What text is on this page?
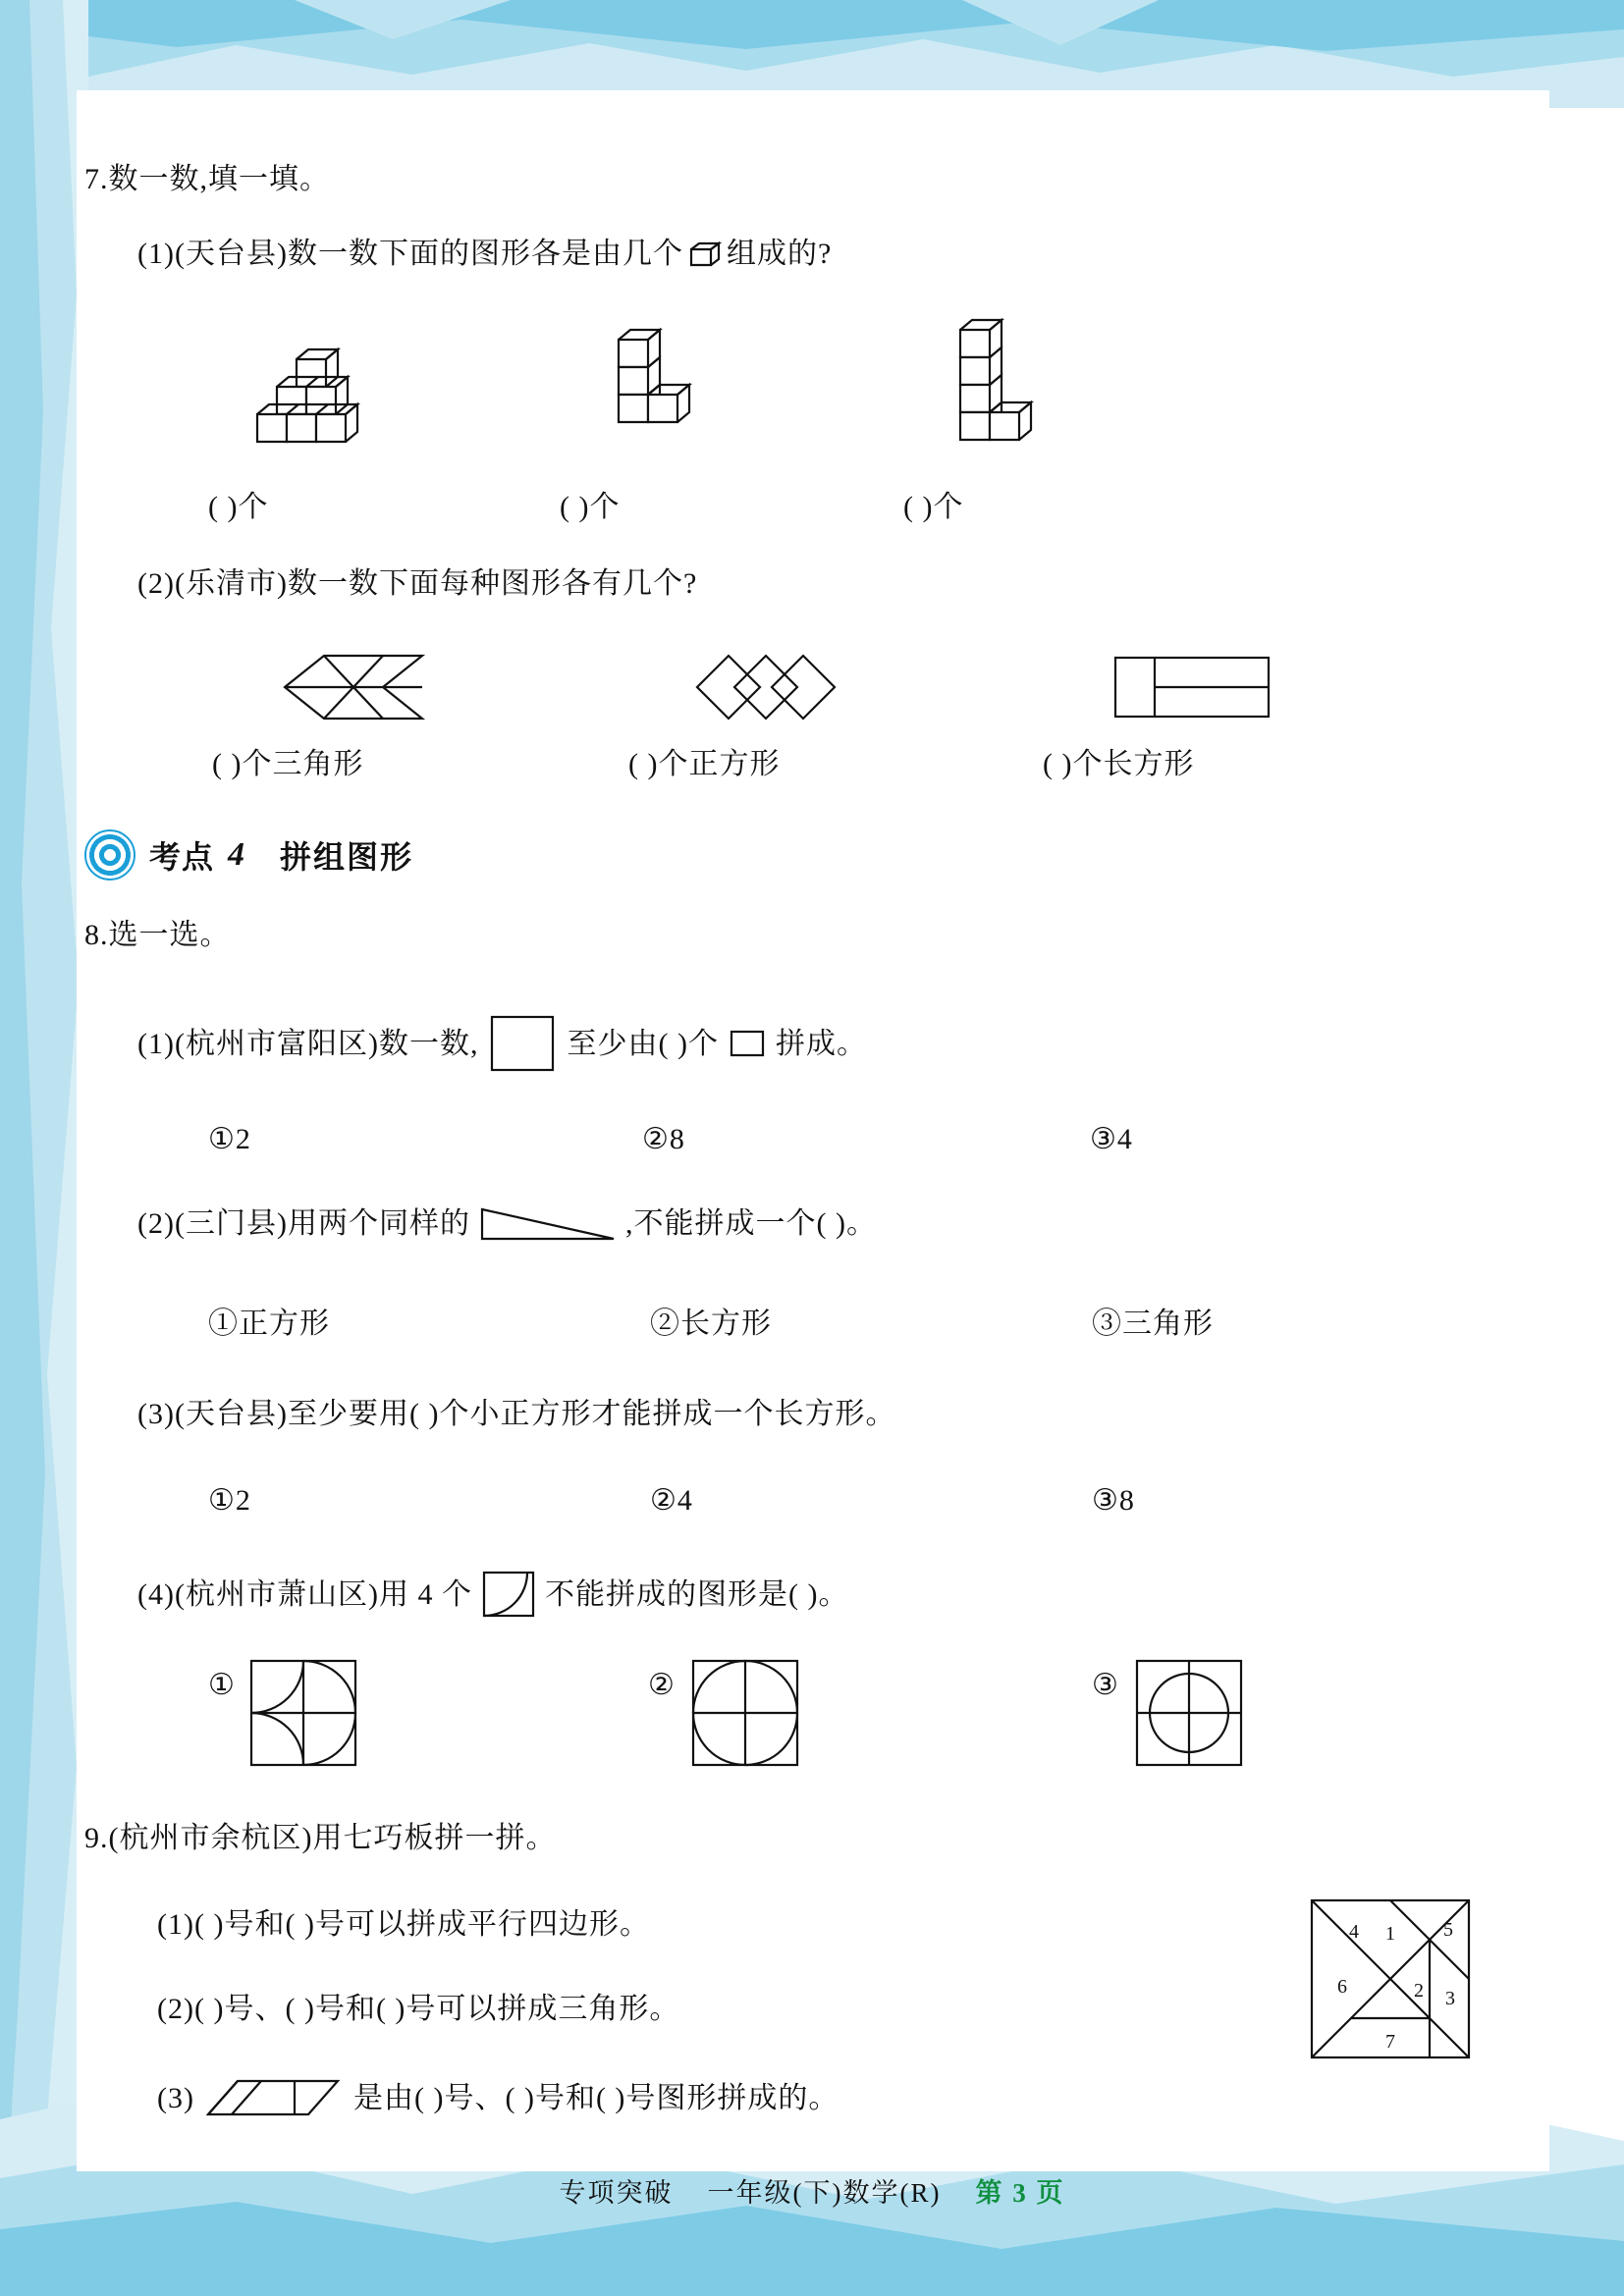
7.数一数,填一填。
(1)(天台县)数一数下面的图形各是由几个 组成的?
( )个	( )个	( )个
(2)(乐清市)数一数下面每种图形各有几个?
( )个三角形	( )个正方形	( )个长方形
考点 4 拼组图形
8.选一选。
(1)(杭州市富阳区)数一数,	至少由( )个 拼成。
①2	②8	③4
(2)(三门县)用两个同样的	,不能拼成一个( )。
①正方形	②长方形	③三角形
(3)(天台县)至少要用( )个小正方形才能拼成一个长方形。
①2	②4	③8
(4)(杭州市萧山区)用 4 个 不能拼成的图形是( )。
①	②	③
9.(杭州市余杭区)用七巧板拼一拼。
(1)( )号和( )号可以拼成平行四边形。
(2)( )号、( )号和( )号可以拼成三角形。
(3)	是由( )号、( )号和( )号图形拼成的。
4 1 5
6	2 3
7
专项突破 一年级(下)数学(R) 第 3 页
